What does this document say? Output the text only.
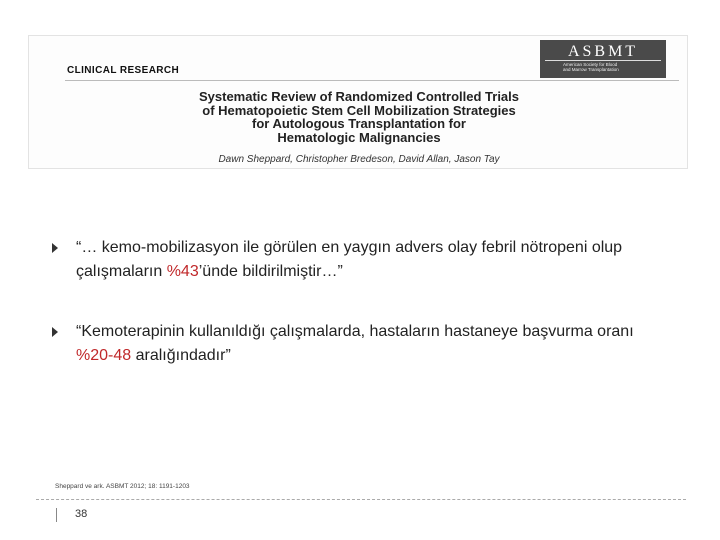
CLINICAL RESEARCH
ASBMT
American Society for Blood
and Marrow Transplantation
Systematic Review of Randomized Controlled Trials
of Hematopoietic Stem Cell Mobilization Strategies
for Autologous Transplantation for
Hematologic Malignancies
Dawn Sheppard, Christopher Bredeson, David Allan, Jason Tay
“… kemo-mobilizasyon ile görülen en yaygın advers olay febril nötropeni olup çalışmaların %43’ünde bildirilmiştir…”
“Kemoterapinin kullanıldığı çalışmalarda, hastaların hastaneye başvurma oranı %20-48 aralığındadır”
Sheppard ve ark. ASBMT 2012; 18: 1191-1203
38
